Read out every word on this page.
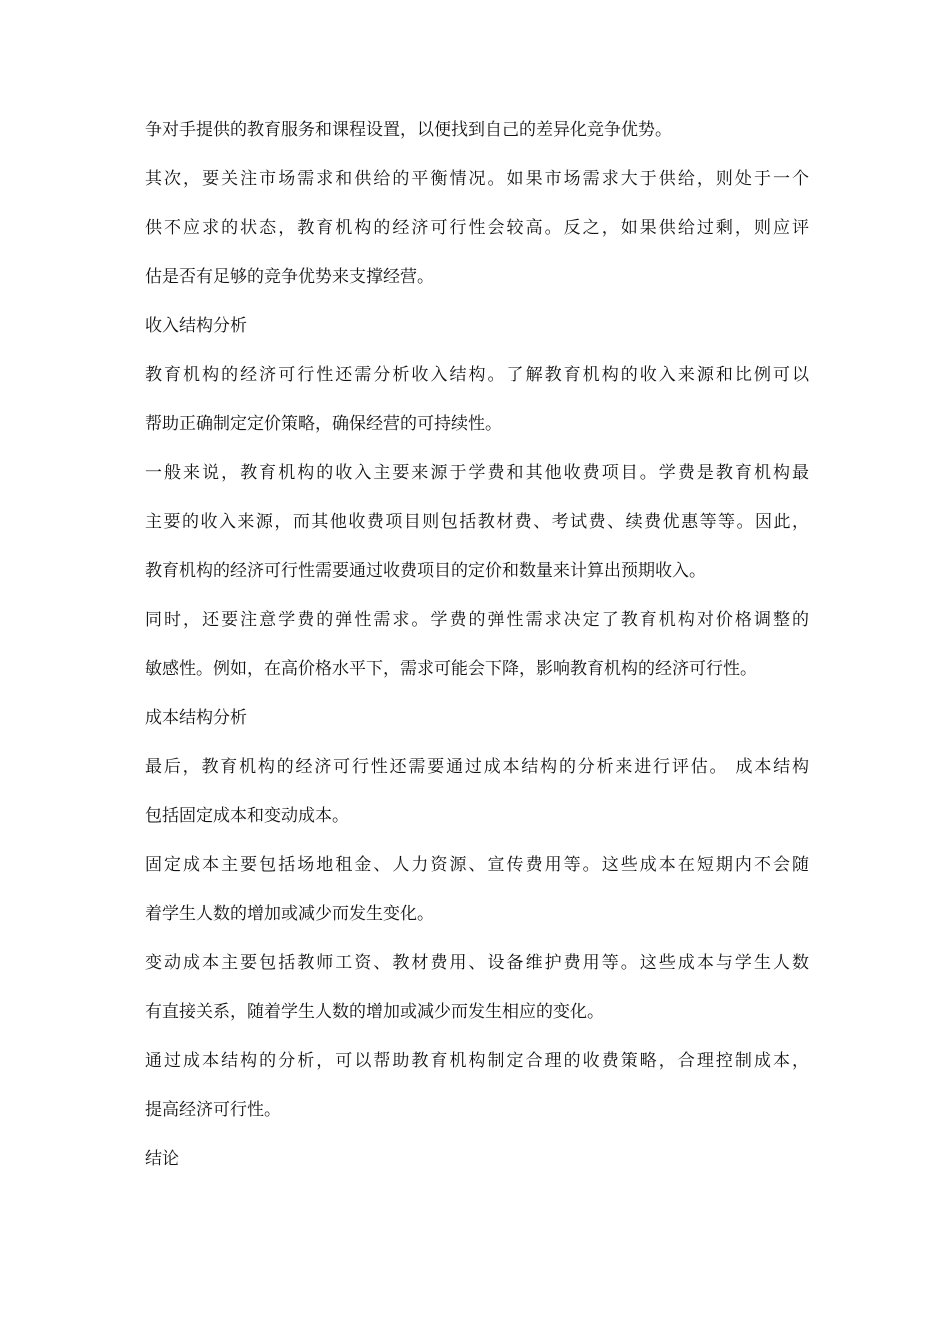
争对手提供的教育服务和课程设置，以便找到自己的差异化竞争优势。
其次，要关注市场需求和供给的平衡情况。如果市场需求大于供给，则处于一个
供不应求的状态，教育机构的经济可行性会较高。反之，如果供给过剩，则应评
估是否有足够的竞争优势来支撑经营。
收入结构分析
教育机构的经济可行性还需分析收入结构。了解教育机构的收入来源和比例可以
帮助正确制定定价策略，确保经营的可持续性。
一般来说，教育机构的收入主要来源于学费和其他收费项目。学费是教育机构最
主要的收入来源，而其他收费项目则包括教材费、考试费、续费优惠等等。因此，
教育机构的经济可行性需要通过收费项目的定价和数量来计算出预期收入。
同时，还要注意学费的弹性需求。学费的弹性需求决定了教育机构对价格调整的
敏感性。例如，在高价格水平下，需求可能会下降，影响教育机构的经济可行性。
成本结构分析
最后，教育机构的经济可行性还需要通过成本结构的分析来进行评估。 成本结构
包括固定成本和变动成本。
固定成本主要包括场地租金、人力资源、宣传费用等。这些成本在短期内不会随
着学生人数的增加或减少而发生变化。
变动成本主要包括教师工资、教材费用、设备维护费用等。这些成本与学生人数
有直接关系，随着学生人数的增加或减少而发生相应的变化。
通过成本结构的分析，可以帮助教育机构制定合理的收费策略，合理控制成本，
提高经济可行性。
结论
